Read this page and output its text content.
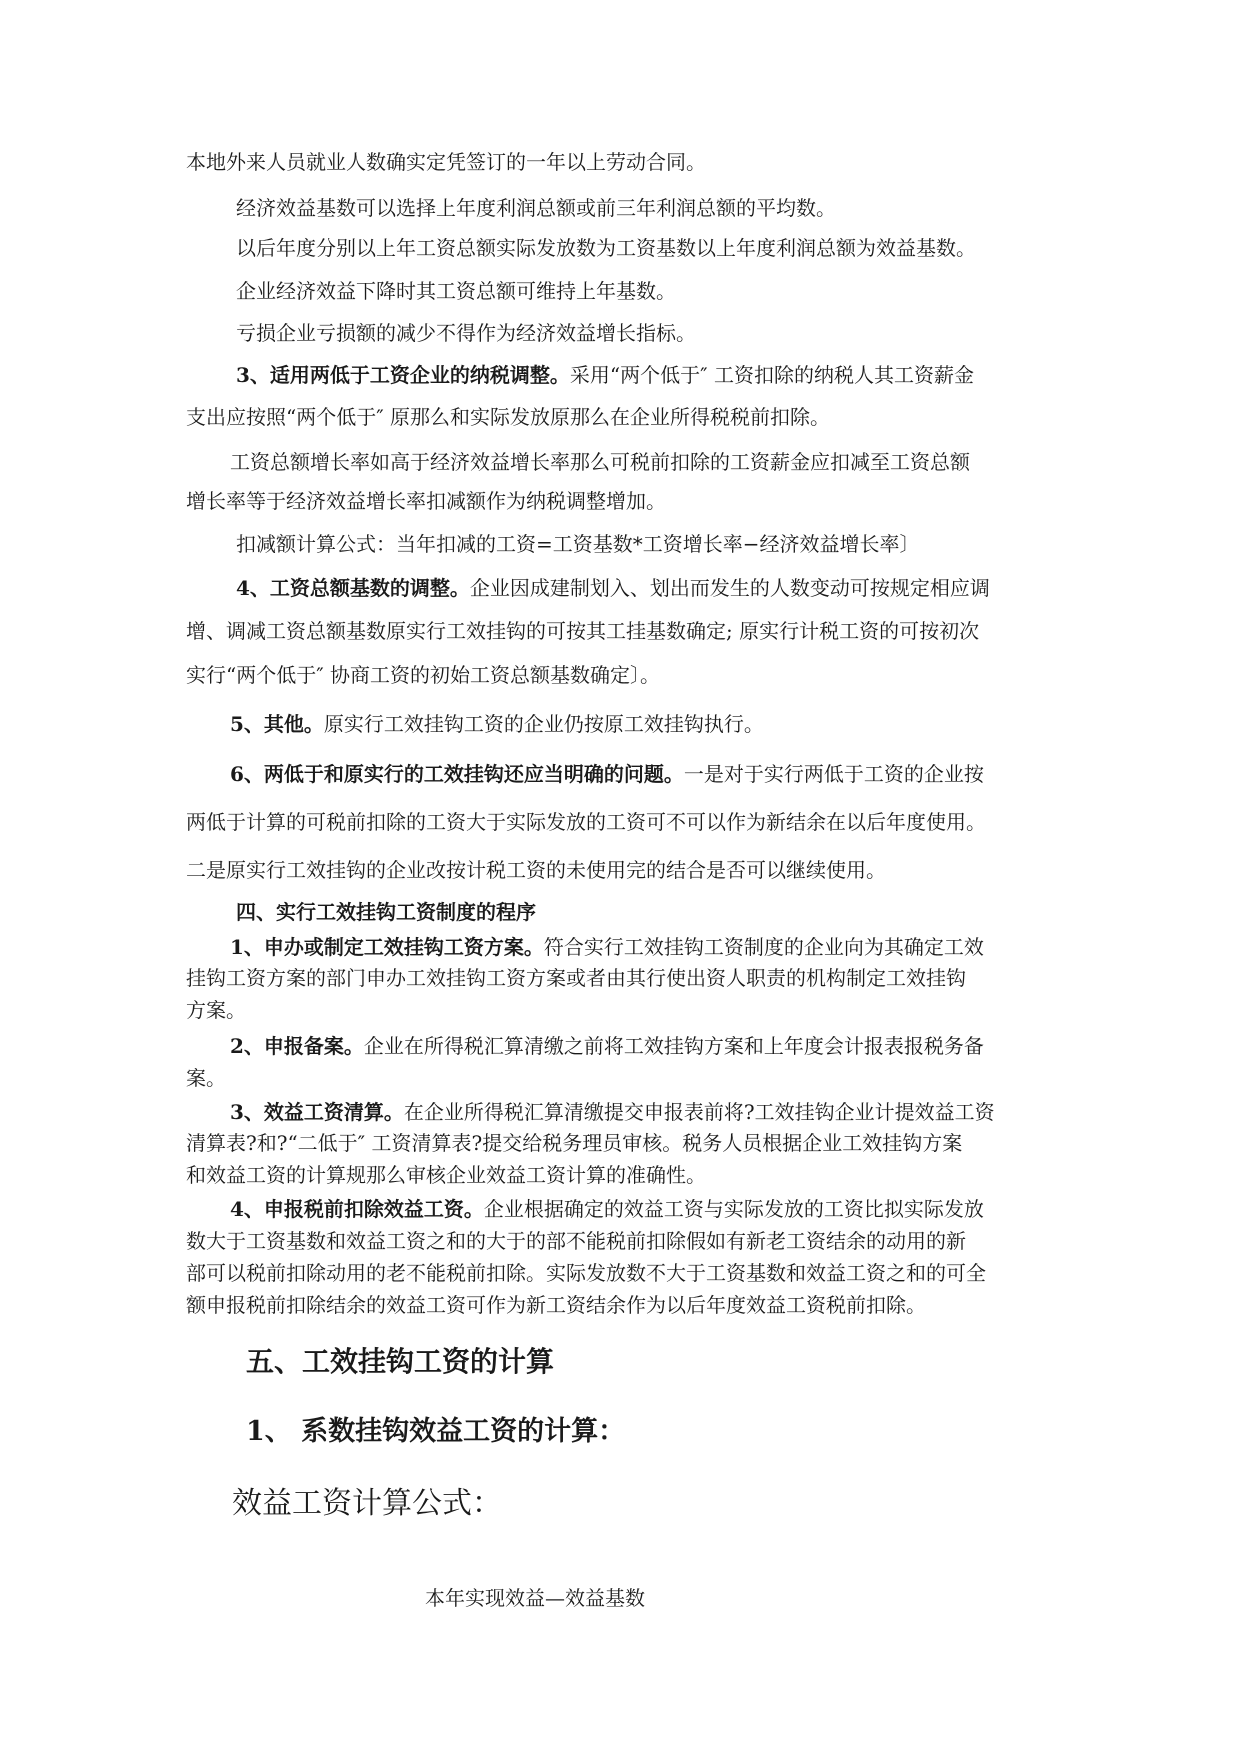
本地外来人员就业人数确实定凭签订的一年以上劳动合同。
经济效益基数可以选择上年度利润总额或前三年利润总额的平均数。
以后年度分别以上年工资总额实际发放数为工资基数以上年度利润总额为效益基数。
企业经济效益下降时其工资总额可维持上年基数。
亏损企业亏损额的减少不得作为经济效益增长指标。
3、适用两低于工资企业的纳税调整。采用“两个低于″ 工资扣除的纳税人其工资薪金
支出应按照“两个低于″ 原那么和实际发放原那么在企业所得税税前扣除。
工资总额增长率如高于经济效益增长率那么可税前扣除的工资薪金应扣减至工资总额
增长率等于经济效益增长率扣减额作为纳税调整增加。
扣减额计算公式：当年扣减的工资=工资基数*工资增长率−经济效益增长率〕
4、工资总额基数的调整。企业因成建制划入、划出而发生的人数变动可按规定相应调
增、调减工资总额基数原实行工效挂钩的可按其工挂基数确定; 原实行计税工资的可按初次
实行“两个低于″ 协商工资的初始工资总额基数确定〕。
5、其他。原实行工效挂钩工资的企业仍按原工效挂钩执行。
6、两低于和原实行的工效挂钩还应当明确的问题。一是对于实行两低于工资的企业按
两低于计算的可税前扣除的工资大于实际发放的工资可不可以作为新结余在以后年度使用。
二是原实行工效挂钩的企业改按计税工资的未使用完的结合是否可以继续使用。
四、实行工效挂钩工资制度的程序
1、申办或制定工效挂钩工资方案。符合实行工效挂钩工资制度的企业向为其确定工效
挂钩工资方案的部门申办工效挂钩工资方案或者由其行使出资人职责的机构制定工效挂钩
方案。
2、申报备案。企业在所得税汇算清缴之前将工效挂钩方案和上年度会计报表报税务备
案。
3、效益工资清算。在企业所得税汇算清缴提交申报表前将?工效挂钩企业计提效益工资
清算表?和?“二低于″ 工资清算表?提交给税务理员审核。税务人员根据企业工效挂钩方案
和效益工资的计算规那么审核企业效益工资计算的准确性。
4、申报税前扣除效益工资。企业根据确定的效益工资与实际发放的工资比拟实际发放
数大于工资基数和效益工资之和的大于的部不能税前扣除假如有新老工资结余的动用的新
部可以税前扣除动用的老不能税前扣除。实际发放数不大于工资基数和效益工资之和的可全
额申报税前扣除结余的效益工资可作为新工资结余作为以后年度效益工资税前扣除。
五、工效挂钩工资的计算
1、 系数挂钩效益工资的计算：
效益工资计算公式：
本年实现效益—效益基数
